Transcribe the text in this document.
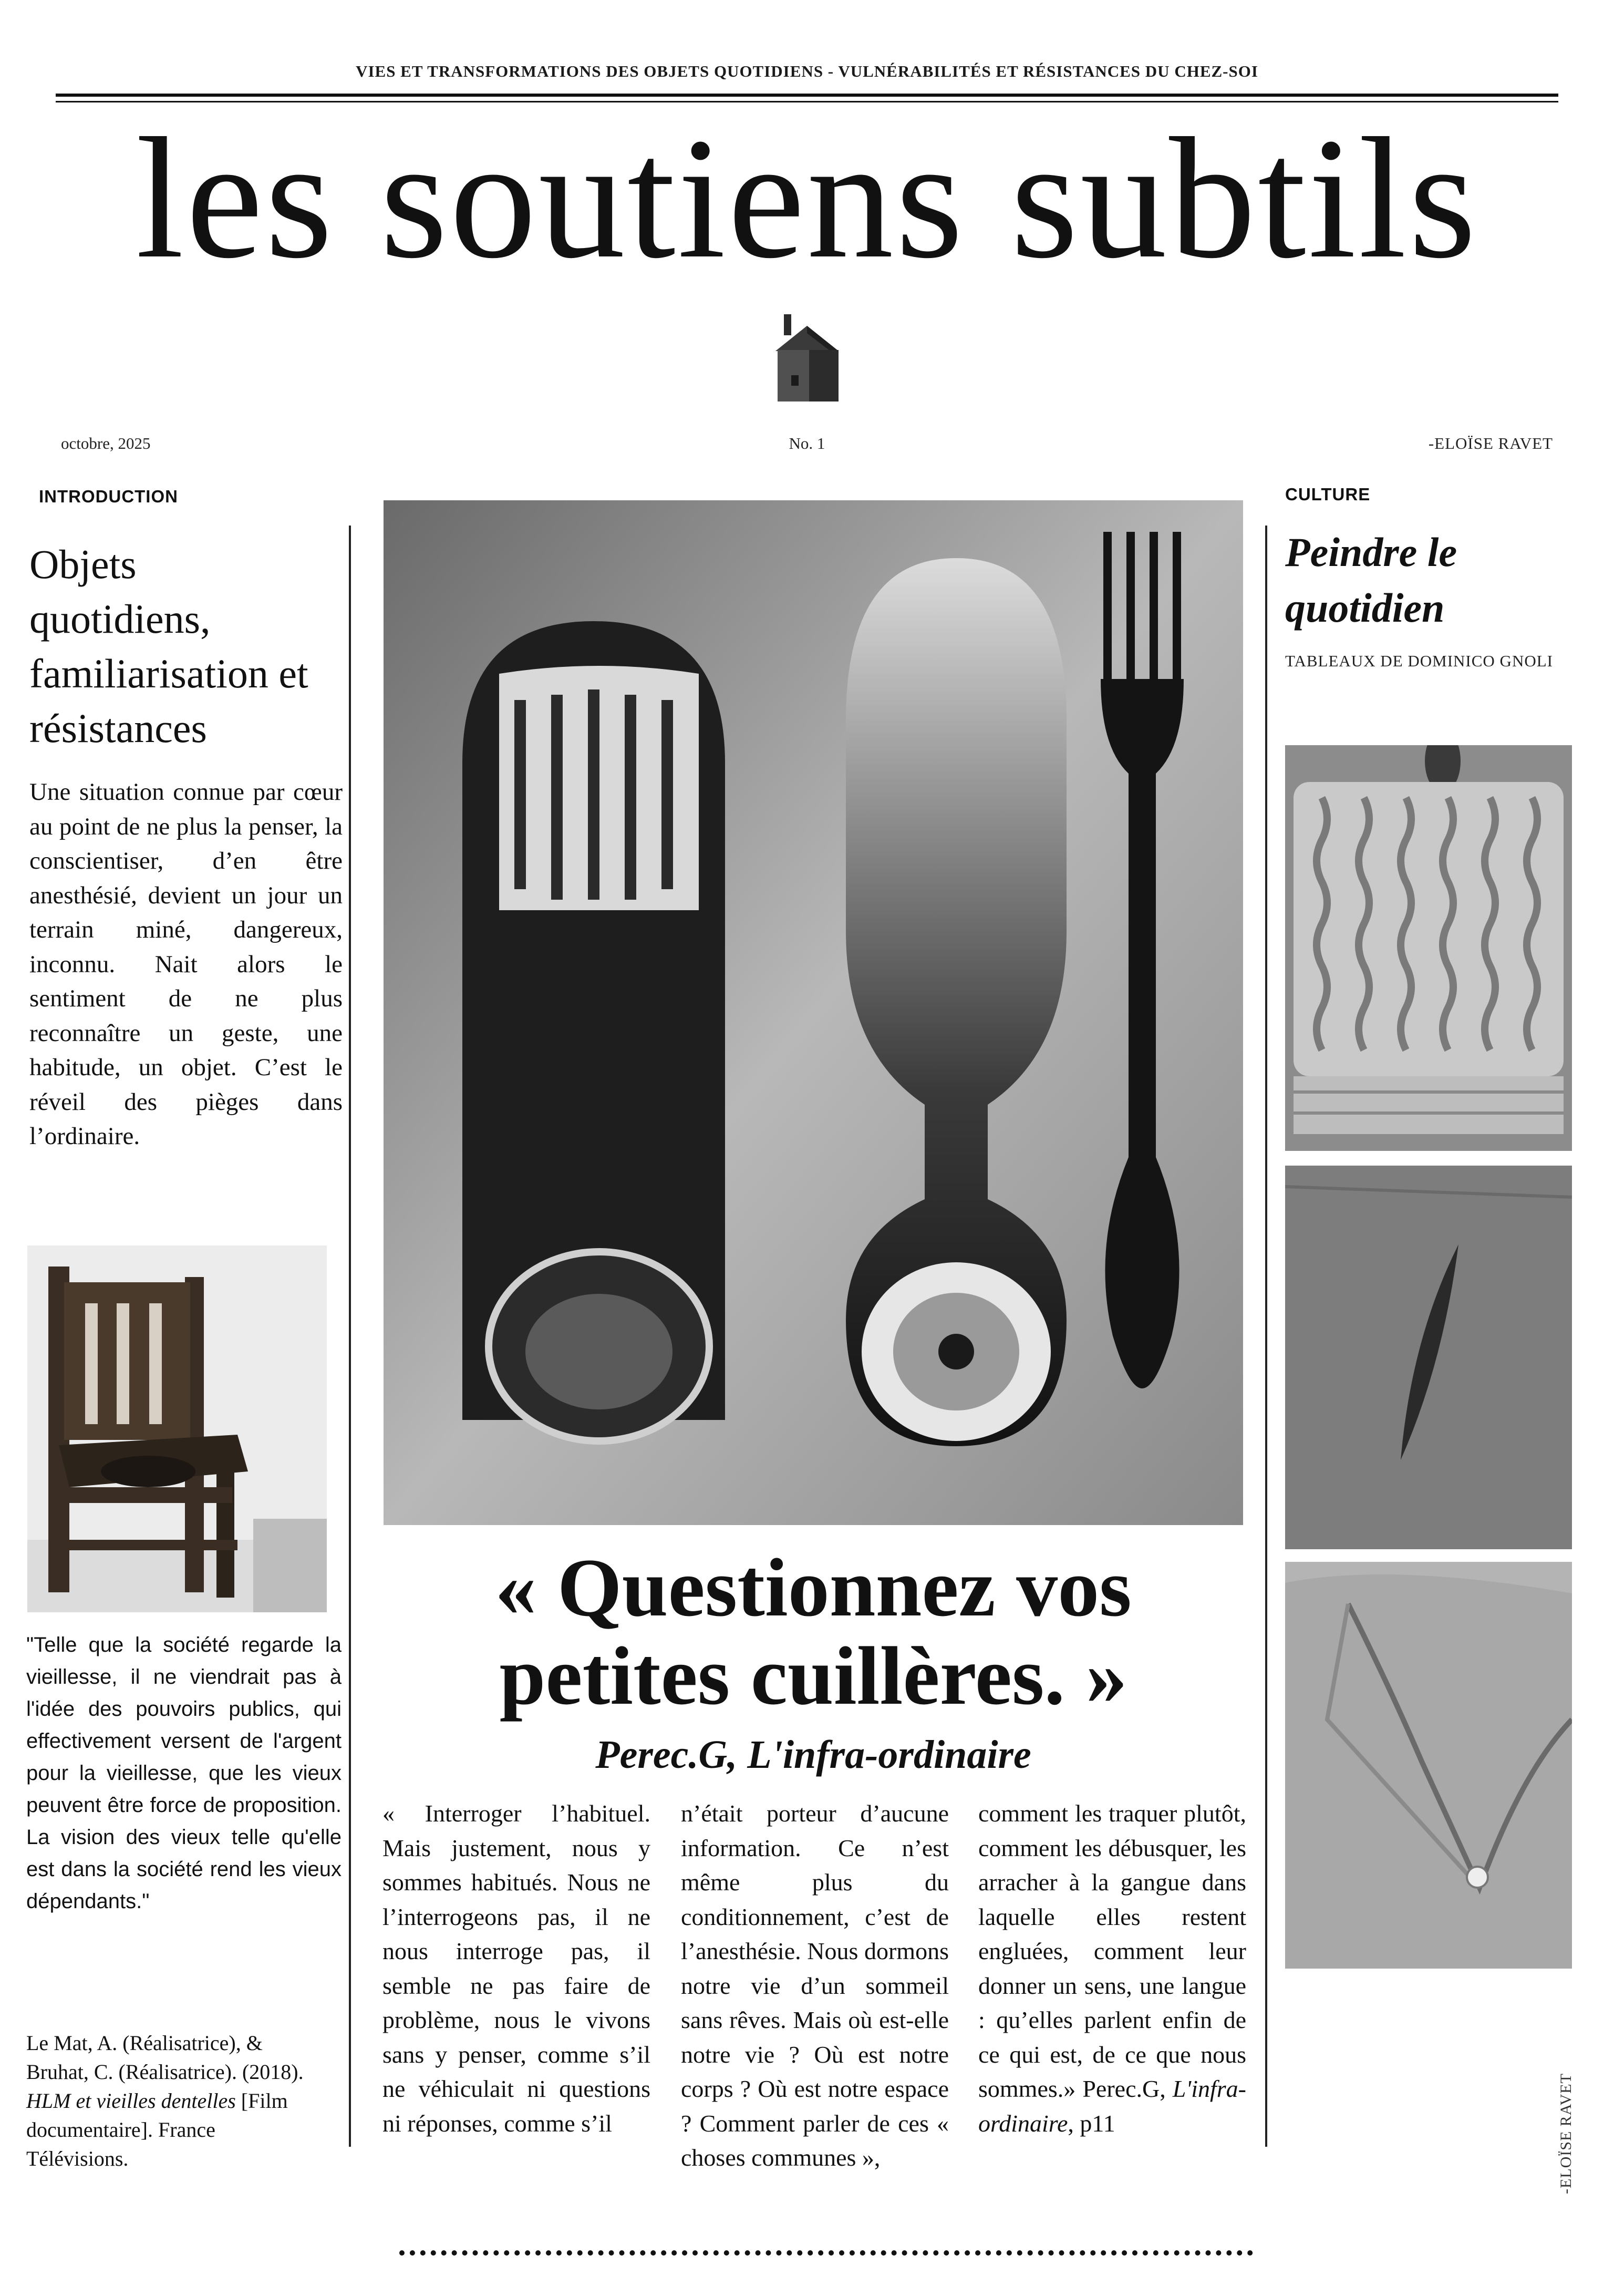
VIES ET TRANSFORMATIONS DES OBJETS QUOTIDIENS - VULNÉRABILITÉS ET RÉSISTANCES DU CHEZ-SOI
les soutiens subtils
octobre, 2025	No. 1	-ELOÏSE RAVET
INTRODUCTION
Objets quotidiens, familiarisation et résistances
Une situation connue par cœur au point de ne plus la penser, la conscientiser, d’en être anesthésié, devient un jour un terrain miné, dangereux, inconnu. Nait alors le sentiment de ne plus reconnaître un geste, une habitude, un objet. C’est le réveil des pièges dans l’ordinaire.
"Telle que la société regarde la vieillesse, il ne viendrait pas à l'idée des pouvoirs publics, qui effectivement versent de l'argent pour la vieillesse, que les vieux peuvent être force de proposition. La vision des vieux telle qu'elle est dans la société rend les vieux dépendants."
Le Mat, A. (Réalisatrice), & Bruhat, C. (Réalisatrice). (2018). HLM et vieilles dentelles [Film documentaire]. France Télévisions.
« Questionnez vos petites cuillères. »
Perec.G, L'infra-ordinaire
« Interroger l’habituel. Mais justement, nous y sommes habitués. Nous ne l’interrogeons pas, il ne nous interroge pas, il semble ne pas faire de problème, nous le vivons sans y penser, comme s’il ne véhiculait ni questions ni réponses, comme s’il
n’était porteur d’aucune information. Ce n’est même plus du conditionnement, c’est de l’anesthésie. Nous dormons notre vie d’un sommeil sans rêves. Mais où est-elle notre vie ? Où est notre corps ? Où est notre espace ? Comment parler de ces « choses communes »,
comment les traquer plutôt, comment les débusquer, les arracher à la gangue dans laquelle elles restent engluées, comment leur donner un sens, une langue : qu’elles parlent enfin de ce qui est, de ce que nous sommes.» Perec.G, L'infra-ordinaire, p11
CULTURE
Peindre le quotidien
TABLEAUX DE DOMINICO GNOLI
-ELOÏSE RAVET
